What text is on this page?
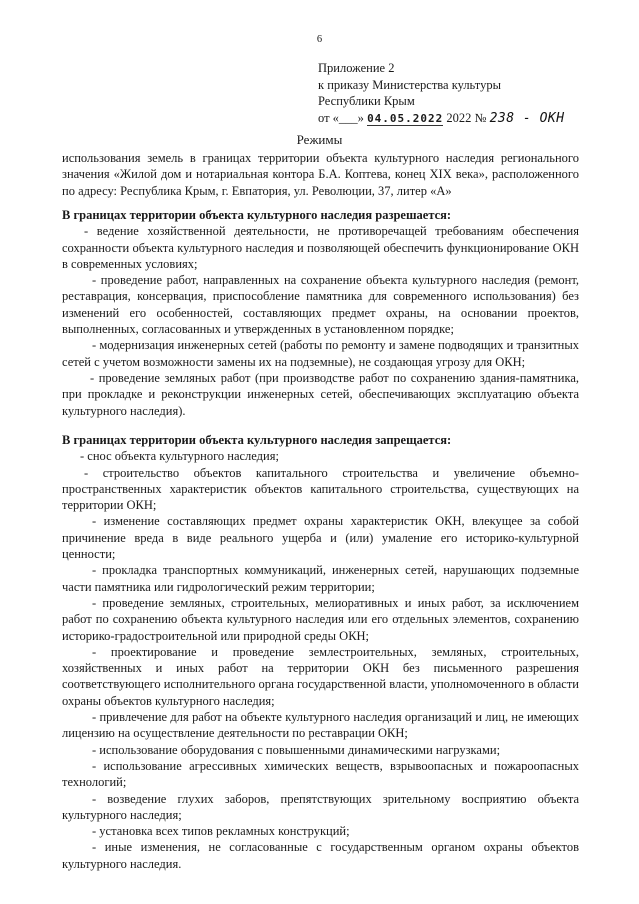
6
Приложение 2
к приказу Министерства культуры
Республики Крым
от «___» 04.05.2022 2022 № 238 - ОКН
Режимы
использования земель в границах территории объекта культурного наследия регионального значения «Жилой дом и нотариальная контора Б.А. Коптева, конец XIX века», расположенного по адресу: Республика Крым, г. Евпатория, ул. Революции, 37, литер «А»

В границах территории объекта культурного наследия разрешается:

- ведение хозяйственной деятельности, не противоречащей требованиям обеспечения сохранности объекта культурного наследия и позволяющей обеспечить функционирование ОКН в современных условиях;

- проведение работ, направленных на сохранение объекта культурного наследия (ремонт, реставрация, консервация, приспособление памятника для современного использования) без изменений его особенностей, составляющих предмет охраны, на основании проектов, выполненных, согласованных и утвержденных в установленном порядке;

- модернизация инженерных сетей (работы по ремонту и замене подводящих и транзитных сетей с учетом возможности замены их на подземные), не создающая угрозу для ОКН;

- проведение земляных работ (при производстве работ по сохранению здания-памятника, при прокладке и реконструкции инженерных сетей, обеспечивающих эксплуатацию объекта культурного наследия).

В границах территории объекта культурного наследия запрещается:

- снос объекта культурного наследия;

- строительство объектов капитального строительства и увеличение объемно-пространственных характеристик объектов капитального строительства, существующих на территории ОКН;

- изменение составляющих предмет охраны характеристик ОКН, влекущее за собой причинение вреда в виде реального ущерба и (или) умаление его историко-культурной ценности;

- прокладка транспортных коммуникаций, инженерных сетей, нарушающих подземные части памятника или гидрологический режим территории;

- проведение земляных, строительных, мелиоративных и иных работ, за исключением работ по сохранению объекта культурного наследия или его отдельных элементов, сохранению историко-градостроительной или природной среды ОКН;

- проектирование и проведение землестроительных, земляных, строительных, хозяйственных и иных работ на территории ОКН без письменного разрешения соответствующего исполнительного органа государственной власти, уполномоченного в области охраны объектов культурного наследия;

- привлечение для работ на объекте культурного наследия организаций и лиц, не имеющих лицензию на осуществление деятельности по реставрации ОКН;

- использование оборудования с повышенными динамическими нагрузками;

- использование агрессивных химических веществ, взрывоопасных и пожароопасных технологий;

- возведение глухих заборов, препятствующих зрительному восприятию объекта культурного наследия;

- установка всех типов рекламных конструкций;

- иные изменения, не согласованные с государственным органом охраны объектов культурного наследия.
